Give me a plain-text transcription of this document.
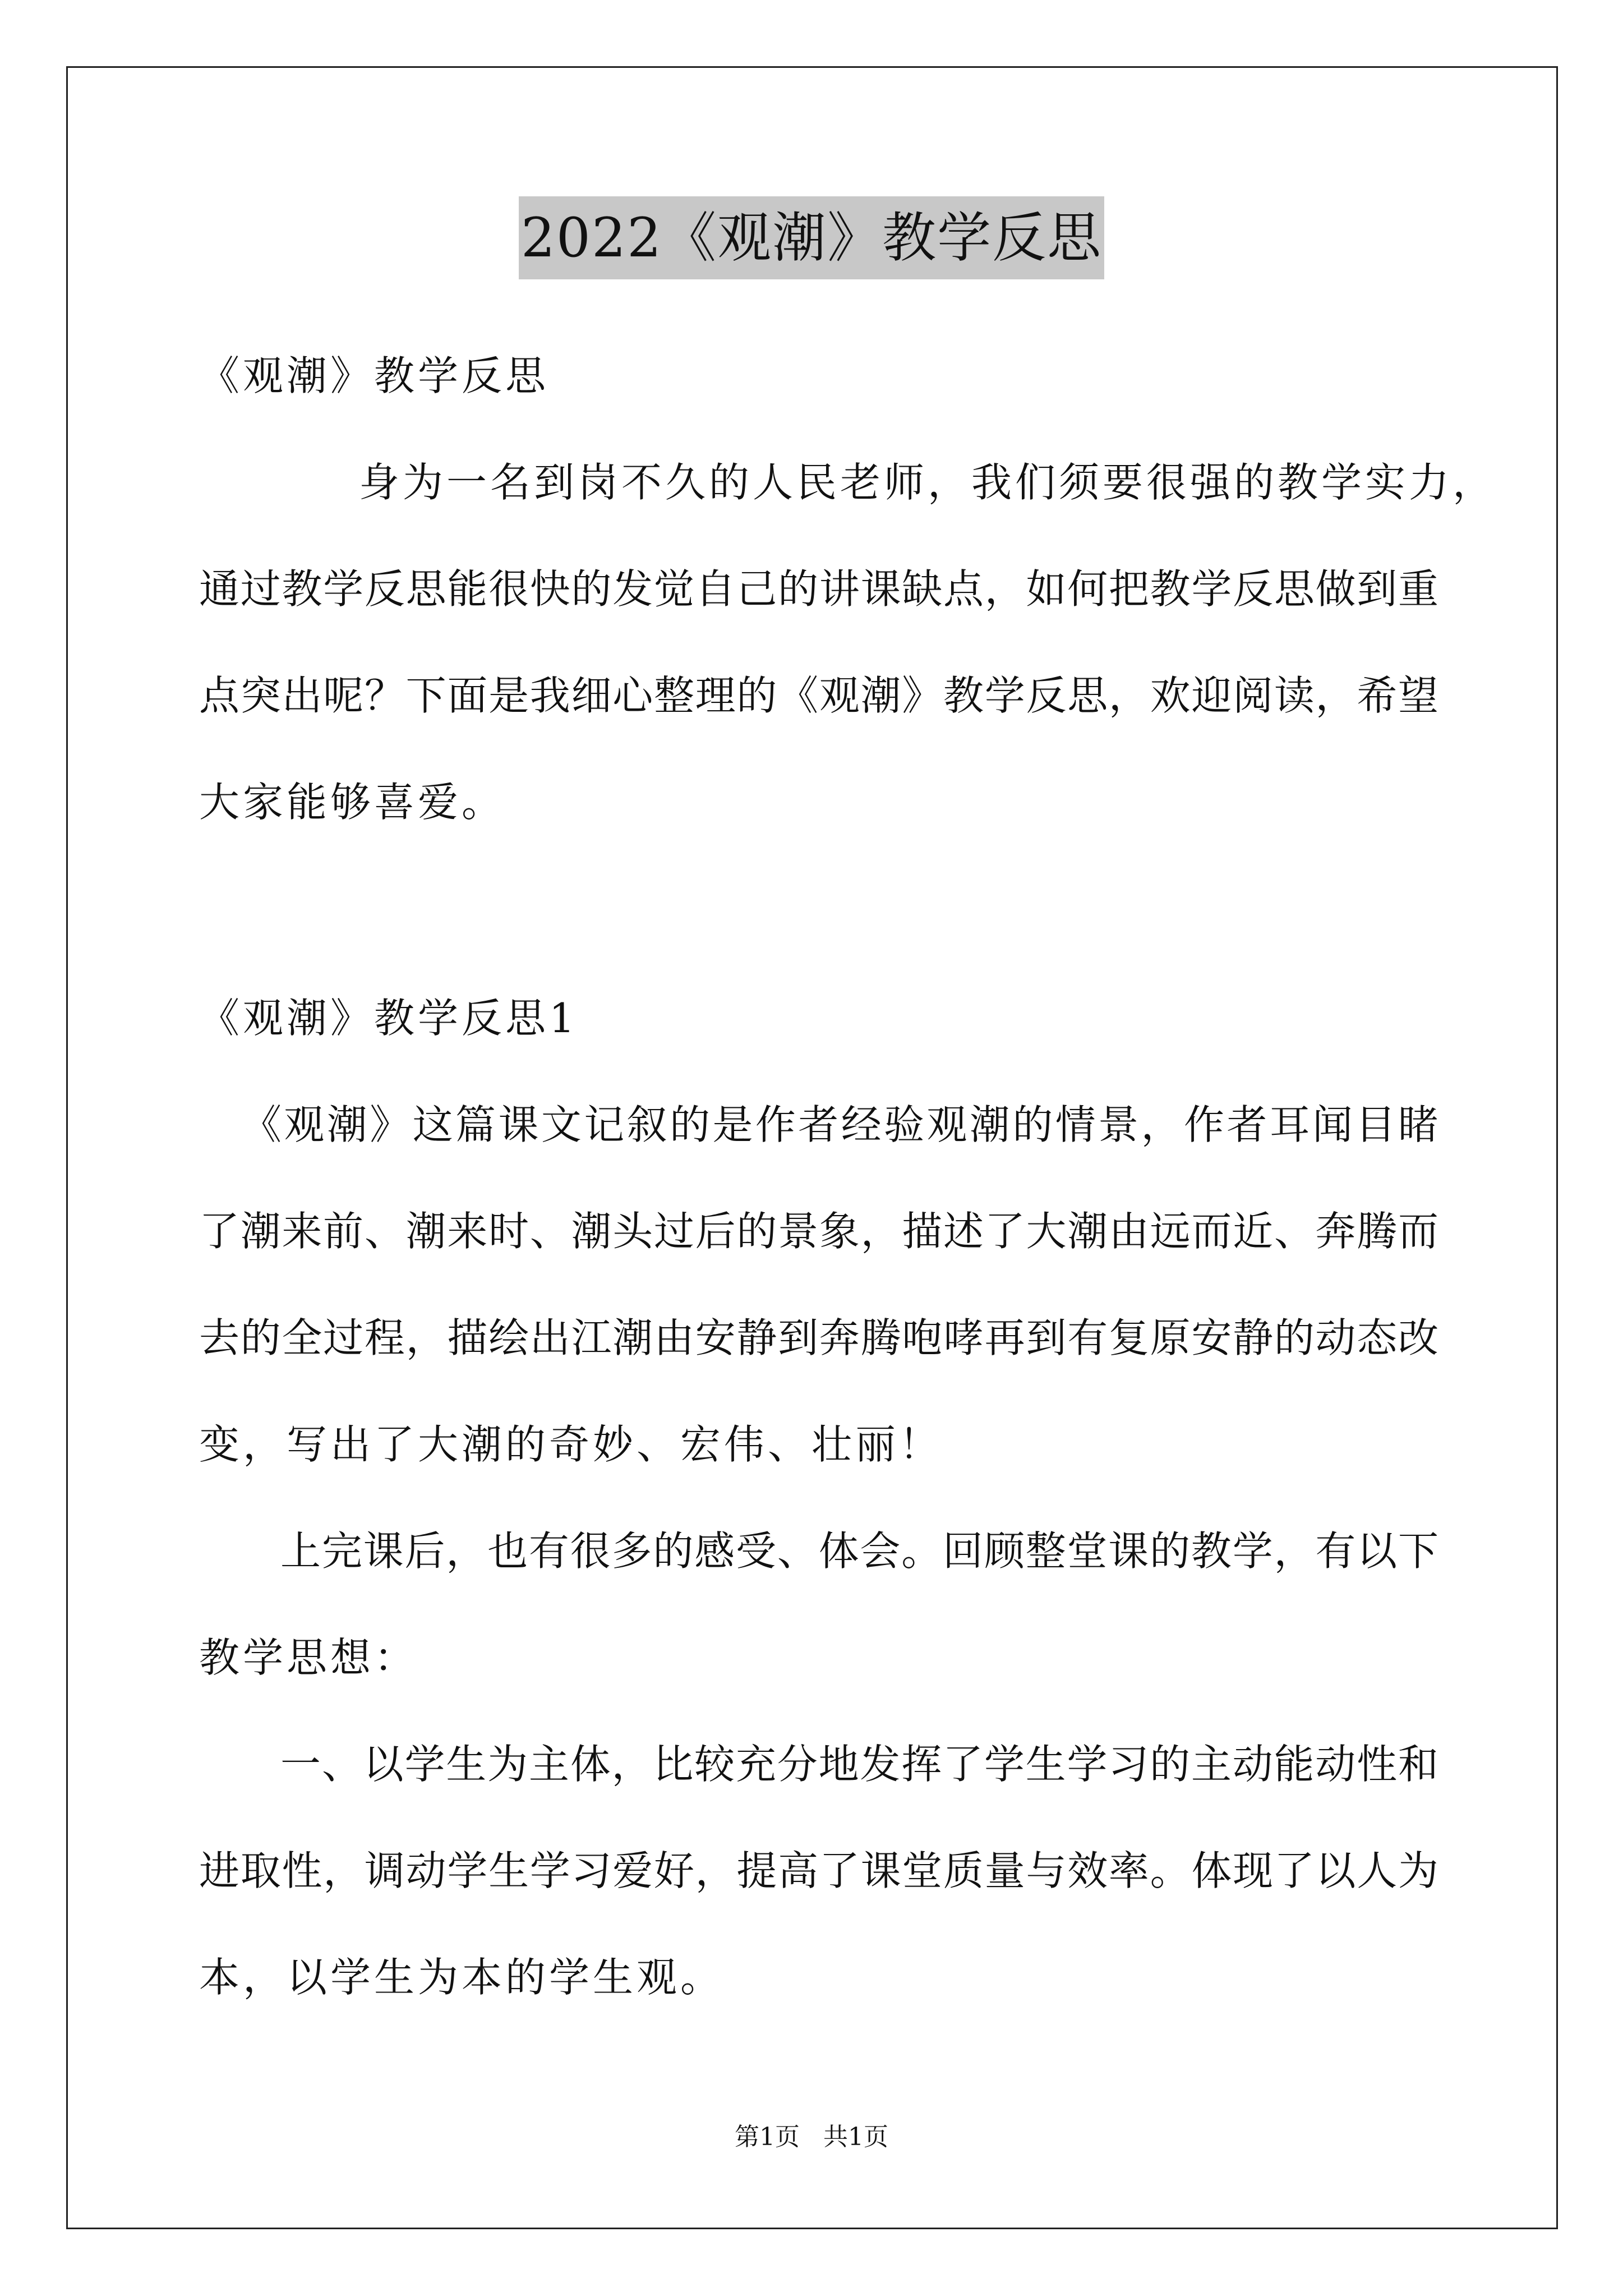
2022《观潮》教学反思
《观潮》教学反思
身为一名到岗不久的人民老师，我们须要很强的教学实力，
通过教学反思能很快的发觉自己的讲课缺点，如何把教学反思做到重
点突出呢？下面是我细心整理的《观潮》教学反思，欢迎阅读，希望
大家能够喜爱。
《观潮》教学反思1
《观潮》这篇课文记叙的是作者经验观潮的情景，作者耳闻目睹
了潮来前、潮来时、潮头过后的景象，描述了大潮由远而近、奔腾而
去的全过程，描绘出江潮由安静到奔腾咆哮再到有复原安静的动态改
变，写出了大潮的奇妙、宏伟、壮丽！
上完课后，也有很多的感受、体会。回顾整堂课的教学，有以下
教学思想：
一、以学生为主体，比较充分地发挥了学生学习的主动能动性和
进取性，调动学生学习爱好，提高了课堂质量与效率。体现了以人为
本，以学生为本的学生观。
第1页 共1页
